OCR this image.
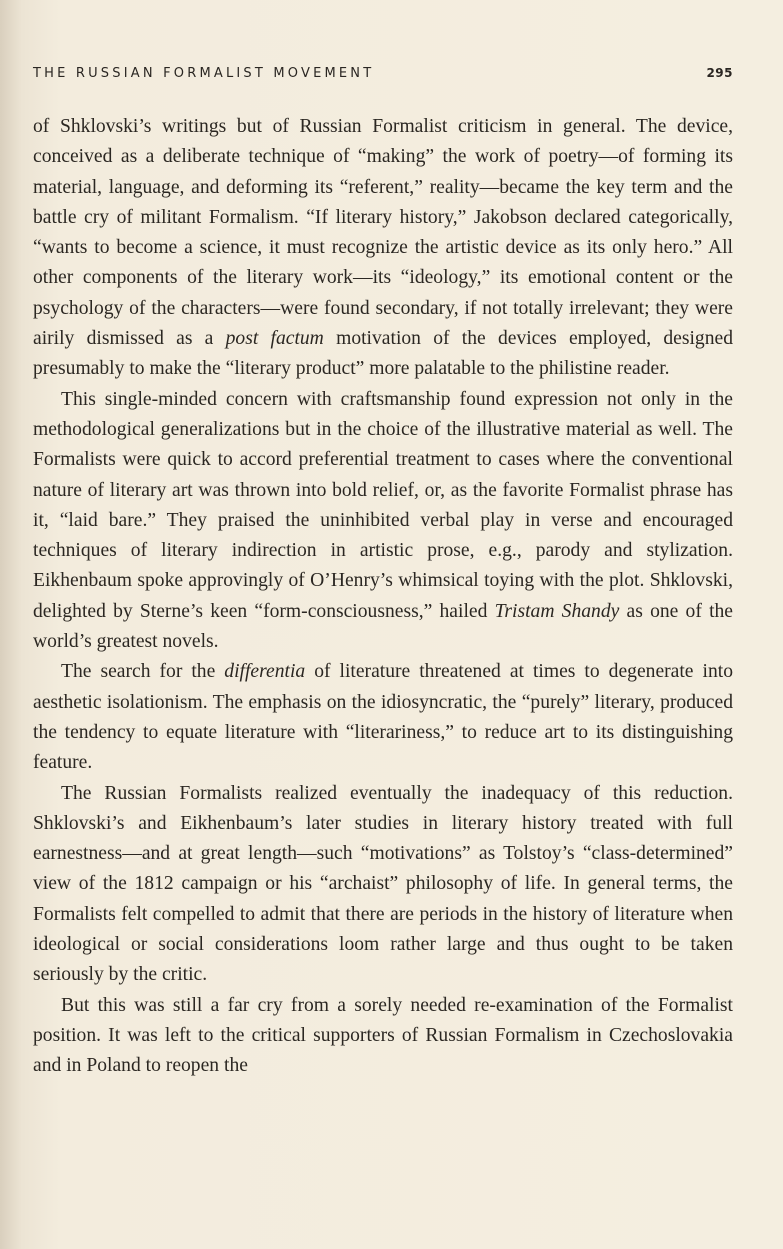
THE RUSSIAN FORMALIST MOVEMENT	295

of Shklovski’s writings but of Russian Formalist criticism in general. The device, conceived as a deliberate technique of “making” the work of poetry—of forming its material, language, and deforming its “referent,” reality—became the key term and the battle cry of militant Formalism. “If literary history,” Jakobson declared categorically, “wants to become a science, it must recognize the artistic device as its only hero.” All other components of the literary work—its “ideology,” its emotional content or the psychology of the characters—were found secondary, if not totally irrelevant; they were airily dismissed as a post factum motivation of the devices employed, designed presumably to make the “literary product” more palatable to the philistine reader.

This single-minded concern with craftsmanship found expression not only in the methodological generalizations but in the choice of the illustrative material as well. The Formalists were quick to accord preferential treatment to cases where the conventional nature of literary art was thrown into bold relief, or, as the favorite Formalist phrase has it, “laid bare.” They praised the uninhibited verbal play in verse and encouraged techniques of literary indirection in artistic prose, e.g., parody and stylization. Eikhenbaum spoke approvingly of O’Henry’s whimsical toying with the plot. Shklovski, delighted by Sterne’s keen “form-consciousness,” hailed Tristam Shandy as one of the world’s greatest novels.

The search for the differentia of literature threatened at times to degenerate into aesthetic isolationism. The emphasis on the idiosyncratic, the “purely” literary, produced the tendency to equate literature with “literariness,” to reduce art to its distinguishing feature.

The Russian Formalists realized eventually the inadequacy of this reduction. Shklovski’s and Eikhenbaum’s later studies in literary history treated with full earnestness—and at great length—such “motivations” as Tolstoy’s “class-determined” view of the 1812 campaign or his “archaist” philosophy of life. In general terms, the Formalists felt compelled to admit that there are periods in the history of literature when ideological or social considerations loom rather large and thus ought to be taken seriously by the critic.

But this was still a far cry from a sorely needed re-examination of the Formalist position. It was left to the critical supporters of Russian Formalism in Czechoslovakia and in Poland to reopen the
